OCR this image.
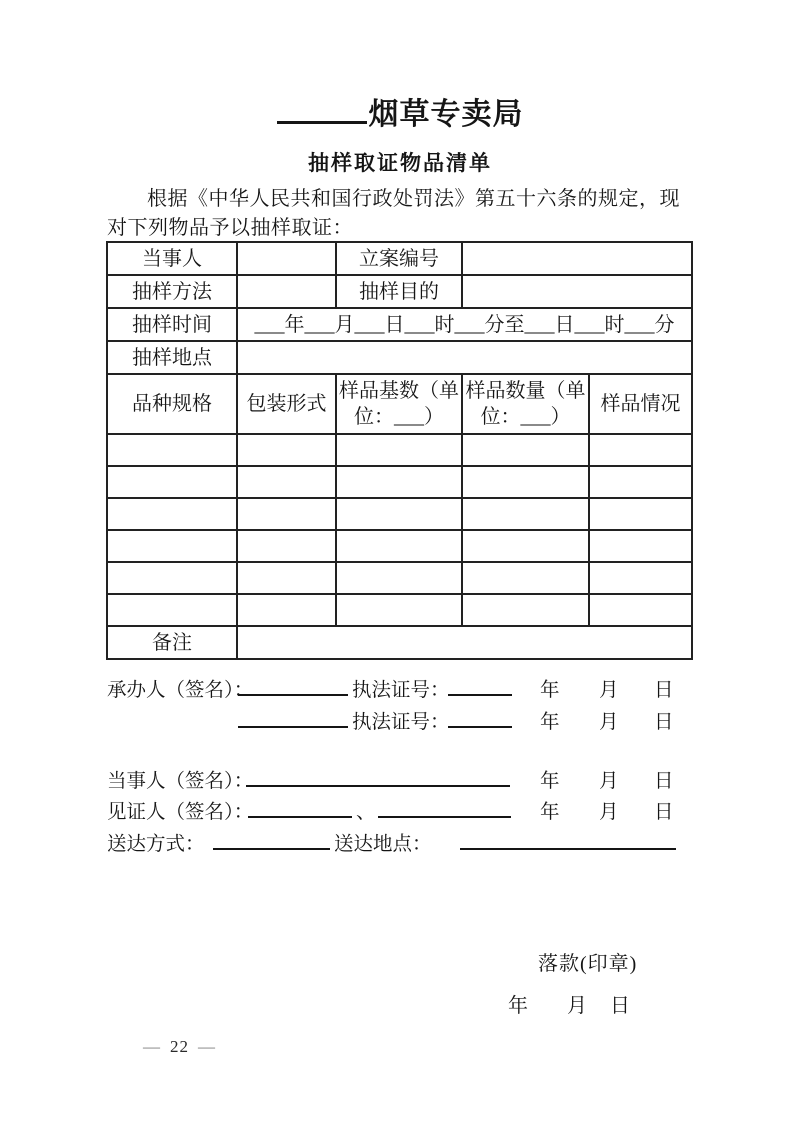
烟草专卖局
抽样取证物品清单
根据《中华人民共和国行政处罚法》第五十六条的规定，现
对下列物品予以抽样取证：
当事人		立案编号		
抽样方法		抽样目的		
抽样时间	___年___月___日___时___分至___日___时___分			
抽样地点				
品种规格	包装形式	样品基数（单位：___）	样品数量（单位：___）	样品情况

备注				
承办人（签名）：	执法证号：	年 月 日
执法证号：	年 月 日
当事人（签名）：	年 月 日
见证人（签名）：	、	年 月 日
送达方式：	送达地点：
落款(印章)
年 月 日
— 22 —
